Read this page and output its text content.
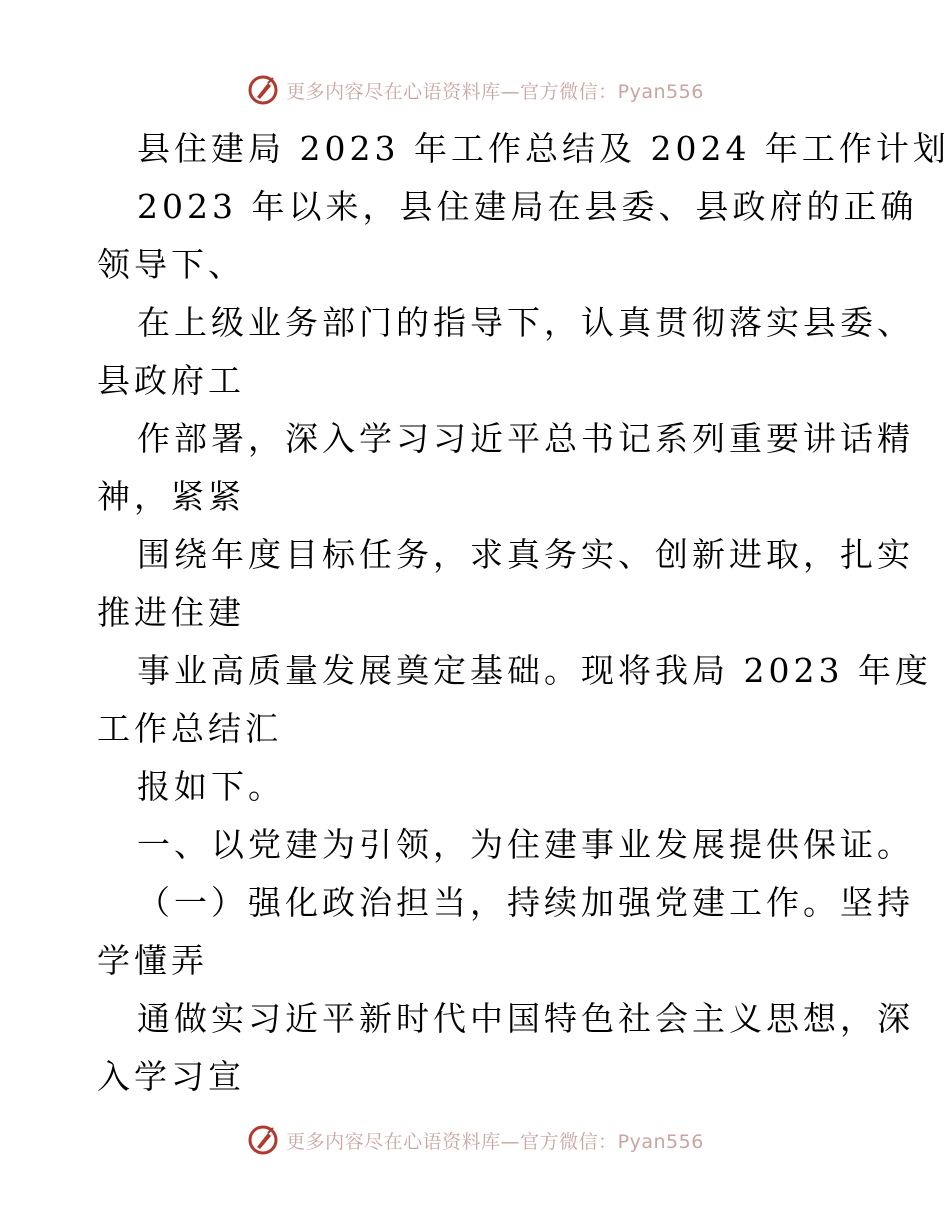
更多内容尽在心语资料库—官方微信：Pyan556
县住建局 2023 年工作总结及 2024 年工作计划
2023 年以来，县住建局在县委、县政府的正确
领导下、
在上级业务部门的指导下，认真贯彻落实县委、
县政府工
作部署，深入学习习近平总书记系列重要讲话精
神，紧紧
围绕年度目标任务，求真务实、创新进取，扎实
推进住建
事业高质量发展奠定基础。现将我局 2023 年度
工作总结汇
报如下。
一、以党建为引领，为住建事业发展提供保证。
（一）强化政治担当，持续加强党建工作。坚持
学懂弄
通做实习近平新时代中国特色社会主义思想，深
入学习宣
更多内容尽在心语资料库—官方微信：Pyan556
